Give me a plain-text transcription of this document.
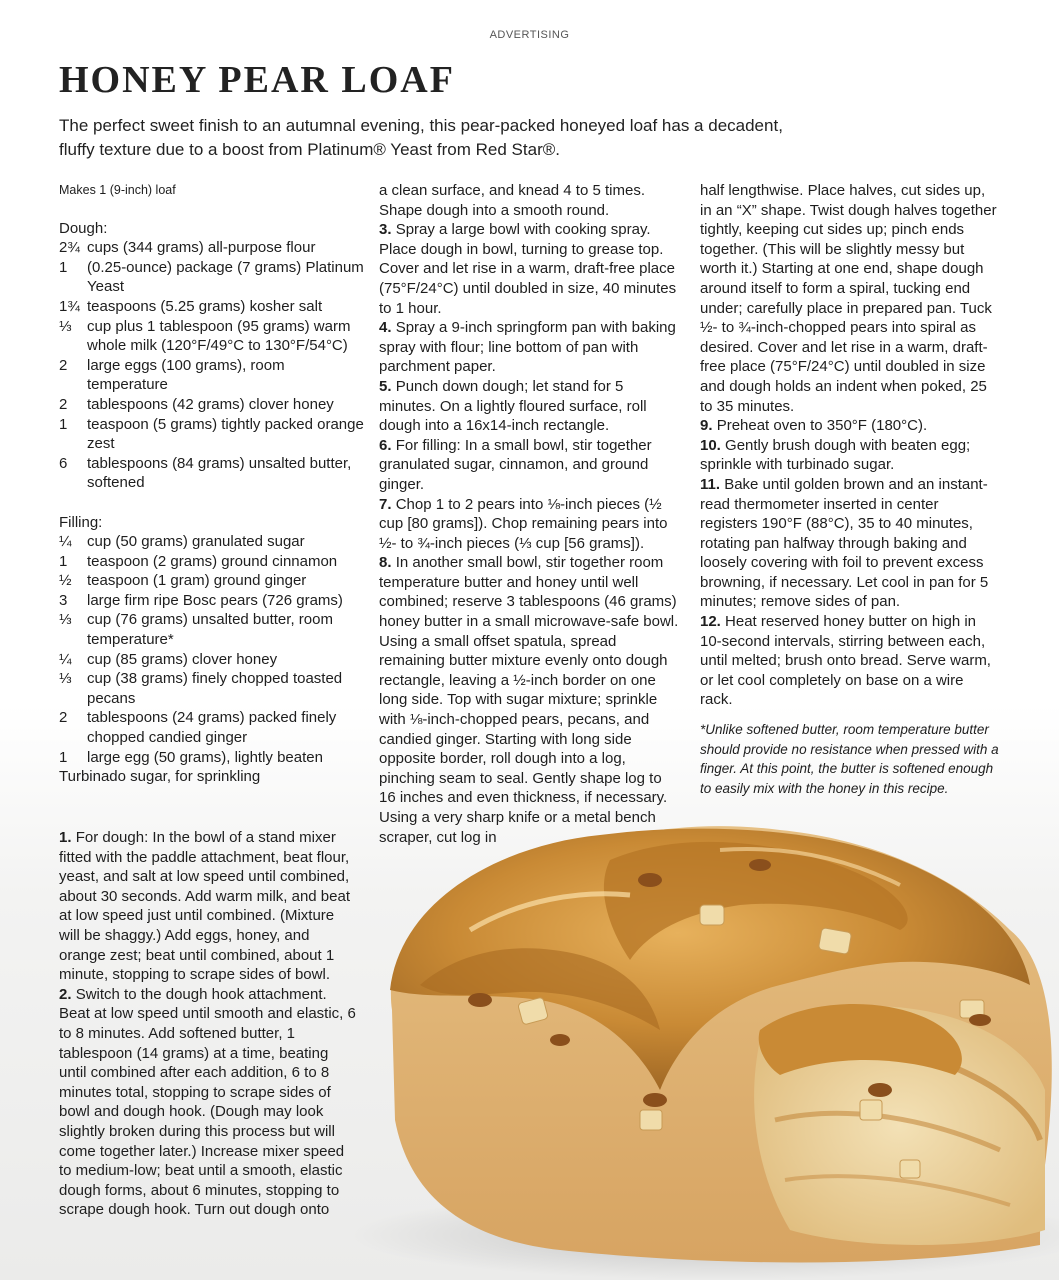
ADVERTISING
HONEY PEAR LOAF

The perfect sweet finish to an autumnal evening, this pear-packed honeyed loaf has a decadent, fluffy texture due to a boost from Platinum® Yeast from Red Star®.

Makes 1 (9-inch) loaf

Dough:

2¾ cups (344 grams) all-purpose flour
1	(0.25-ounce) package (7 grams) Platinum Yeast
1¾ teaspoons (5.25 grams) kosher salt
⅓	cup plus 1 tablespoon (95 grams) warm whole milk (120°F/49°C to 130°F/54°C)
2	large eggs (100 grams), room temperature
2	tablespoons (42 grams) clover honey
1	teaspoon (5 grams) tightly packed orange zest
6	tablespoons (84 grams) unsalted butter, softened

Filling:

¼	cup (50 grams) granulated sugar
1	teaspoon (2 grams) ground cinnamon
½	teaspoon (1 gram) ground ginger
3	large firm ripe Bosc pears (726 grams)
⅓	cup (76 grams) unsalted butter, room temperature*
¼	cup (85 grams) clover honey
⅓	cup (38 grams) finely chopped toasted pecans
2	tablespoons (24 grams) packed finely chopped candied ginger
1	large egg (50 grams), lightly beaten

Turbinado sugar, for sprinkling

1. For dough: In the bowl of a stand mixer fitted with the paddle attachment, beat flour, yeast, and salt at low speed until combined, about 30 seconds. Add warm milk, and beat at low speed just until combined. (Mixture will be shaggy.) Add eggs, honey, and orange zest; beat until combined, about 1 minute, stopping to scrape sides of bowl.

2. Switch to the dough hook attachment. Beat at low speed until smooth and elastic, 6 to 8 minutes. Add softened butter, 1 tablespoon (14 grams) at a time, beating until combined after each addition, 6 to 8 minutes total, stopping to scrape sides of bowl and dough hook. (Dough may look slightly broken during this process but will come together later.) Increase mixer speed to medium-low; beat until a smooth, elastic dough forms, about 6 minutes, stopping to scrape dough hook. Turn out dough onto

a clean surface, and knead 4 to 5 times. Shape dough into a smooth round.

3. Spray a large bowl with cooking spray. Place dough in bowl, turning to grease top. Cover and let rise in a warm, draft-free place (75°F/24°C) until doubled in size, 40 minutes to 1 hour.

4. Spray a 9-inch springform pan with baking spray with flour; line bottom of pan with parchment paper.

5. Punch down dough; let stand for 5 minutes. On a lightly floured surface, roll dough into a 16x14-inch rectangle.

6. For filling: In a small bowl, stir together granulated sugar, cinnamon, and ground ginger.

7. Chop 1 to 2 pears into ⅛-inch pieces (½ cup [80 grams]). Chop remaining pears into ½- to ¾-inch pieces (⅓ cup [56 grams]).

8. In another small bowl, stir together room temperature butter and honey until well combined; reserve 3 tablespoons (46 grams) honey butter in a small microwave-safe bowl. Using a small offset spatula, spread remaining butter mixture evenly onto dough rectangle, leaving a ½-inch border on one long side. Top with sugar mixture; sprinkle with ⅛-inch-chopped pears, pecans, and candied ginger. Starting with long side opposite border, roll dough into a log, pinching seam to seal. Gently shape log to 16 inches and even thickness, if necessary. Using a very sharp knife or a metal bench scraper, cut log in

half lengthwise. Place halves, cut sides up, in an “X” shape. Twist dough halves together tightly, keeping cut sides up; pinch ends together. (This will be slightly messy but worth it.) Starting at one end, shape dough around itself to form a spiral, tucking end under; carefully place in prepared pan. Tuck ½- to ¾-inch-chopped pears into spiral as desired. Cover and let rise in a warm, draft-free place (75°F/24°C) until doubled in size and dough holds an indent when poked, 25 to 35 minutes.

9. Preheat oven to 350°F (180°C).

10. Gently brush dough with beaten egg; sprinkle with turbinado sugar.

11. Bake until golden brown and an instant-read thermometer inserted in center registers 190°F (88°C), 35 to 40 minutes, rotating pan halfway through baking and loosely covering with foil to prevent excess browning, if necessary. Let cool in pan for 5 minutes; remove sides of pan.

12. Heat reserved honey butter on high in 10-second intervals, stirring between each, until melted; brush onto bread. Serve warm, or let cool completely on base on a wire rack.

*Unlike softened butter, room temperature butter should provide no resistance when pressed with a finger. At this point, the butter is softened enough to easily mix with the honey in this recipe.
